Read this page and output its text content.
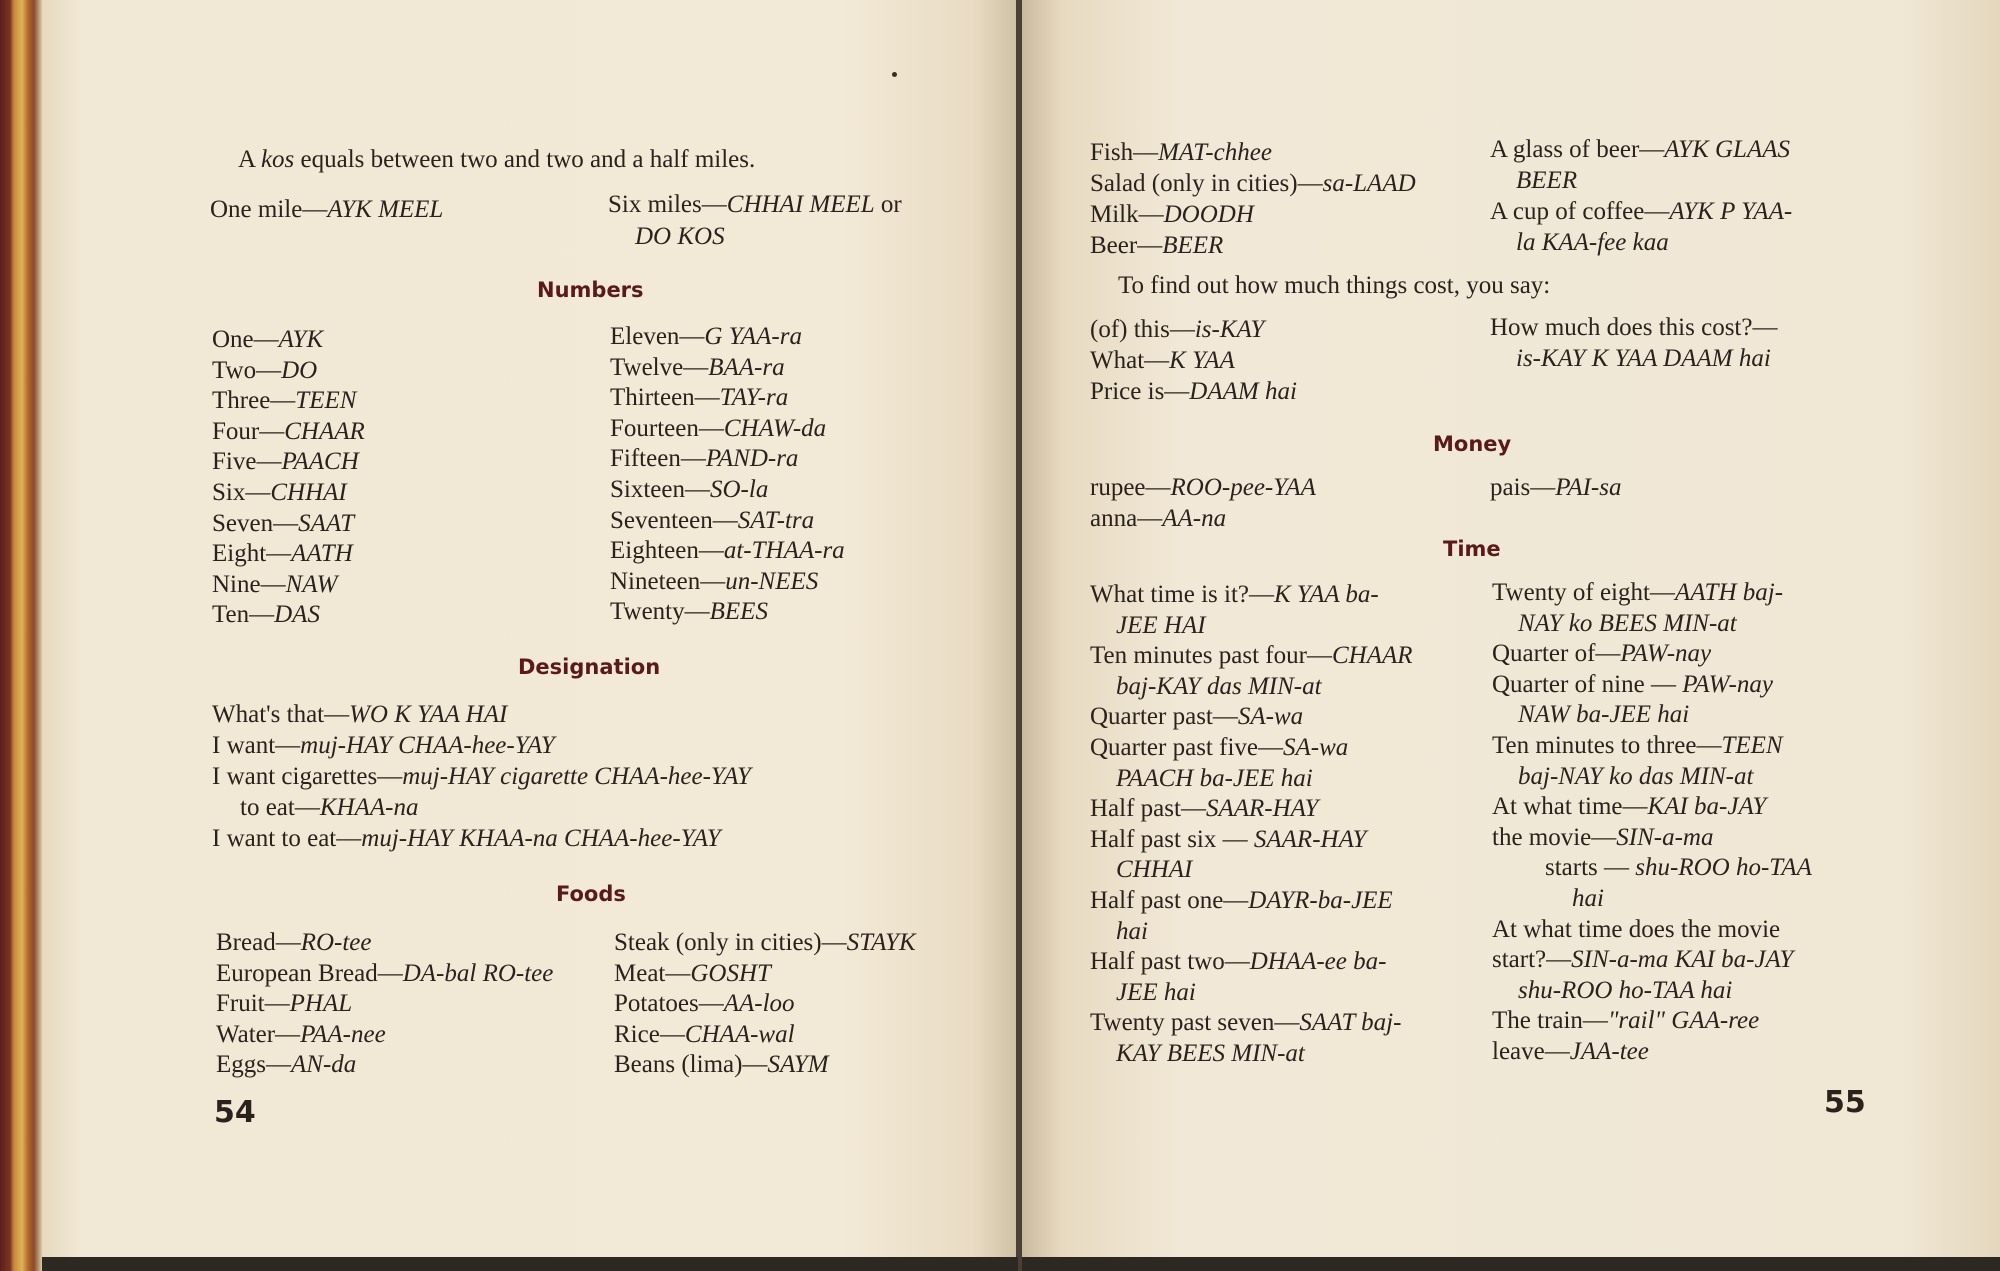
A kos equals between two and two and a half miles.
One mile—AYK MEEL	Six miles—CHHAI MEEL or
DO KOS
Numbers
One—AYK
Two—DO
Three—TEEN
Four—CHAAR
Five—PAACH
Six—CHHAI
Seven—SAAT
Eight—AATH
Nine—NAW
Ten—DAS
Eleven—G YAA-ra
Twelve—BAA-ra
Thirteen—TAY-ra
Fourteen—CHAW-da
Fifteen—PAND-ra
Sixteen—SO-la
Seventeen—SAT-tra
Eighteen—at-THAA-ra
Nineteen—un-NEES
Twenty—BEES
Designation
What's that—WO K YAA HAI
I want—muj-HAY CHAA-hee-YAY
I want cigarettes—muj-HAY cigarette CHAA-hee-YAY
to eat—KHAA-na
I want to eat—muj-HAY KHAA-na CHAA-hee-YAY
Foods
Bread—RO-tee
European Bread—DA-bal RO-tee
Fruit—PHAL
Water—PAA-nee
Eggs—AN-da
Steak (only in cities)—STAYK
Meat—GOSHT
Potatoes—AA-loo
Rice—CHAA-wal
Beans (lima)—SAYM
54
Fish—MAT-chhee
Salad (only in cities)—sa-LAAD
Milk—DOODH
Beer—BEER
A glass of beer—AYK GLAAS
BEER
A cup of coffee—AYK P YAA-
la KAA-fee kaa
To find out how much things cost, you say:
(of) this—is-KAY
What—K YAA
Price is—DAAM hai
How much does this cost?—
is-KAY K YAA DAAM hai
Money
rupee—ROO-pee-YAA
anna—AA-na
pais—PAI-sa
Time
What time is it?—K YAA ba-
JEE HAI
Ten minutes past four—CHAAR
baj-KAY das MIN-at
Quarter past—SA-wa
Quarter past five—SA-wa
PAACH ba-JEE hai
Half past—SAAR-HAY
Half past six — SAAR-HAY
CHHAI
Half past one—DAYR-ba-JEE
hai
Half past two—DHAA-ee ba-
JEE hai
Twenty past seven—SAAT baj-
KAY BEES MIN-at
Twenty of eight—AATH baj-
NAY ko BEES MIN-at
Quarter of—PAW-nay
Quarter of nine — PAW-nay
NAW ba-JEE hai
Ten minutes to three—TEEN
baj-NAY ko das MIN-at
At what time—KAI ba-JAY
the movie—SIN-a-ma
starts — shu-ROO ho-TAA
hai
At what time does the movie
start?—SIN-a-ma KAI ba-JAY
shu-ROO ho-TAA hai
The train—"rail" GAA-ree
leave—JAA-tee
55
